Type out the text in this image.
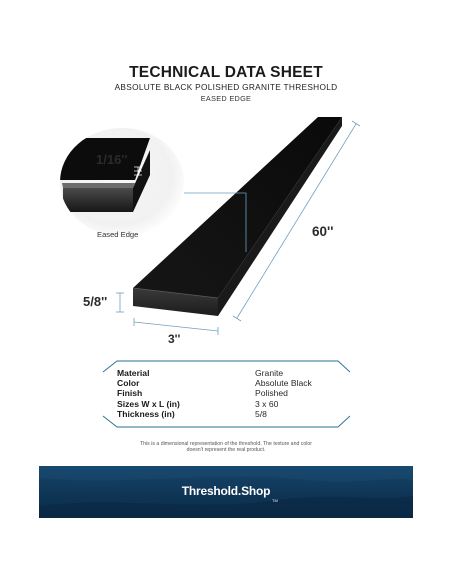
TECHNICAL DATA SHEET
ABSOLUTE BLACK POLISHED GRANITE THRESHOLD
EASED EDGE
1/16''
Eased Edge	60''
5/8''
3''
Material	Granite
Color	Absolute Black
Finish	Polished
Sizes W x L (in)	3 x 60
Thickness (in)	5/8
This is a dimensional representation of the threshold. The texture and color
doesn't represent the real product.
Threshold.Shop
TM
